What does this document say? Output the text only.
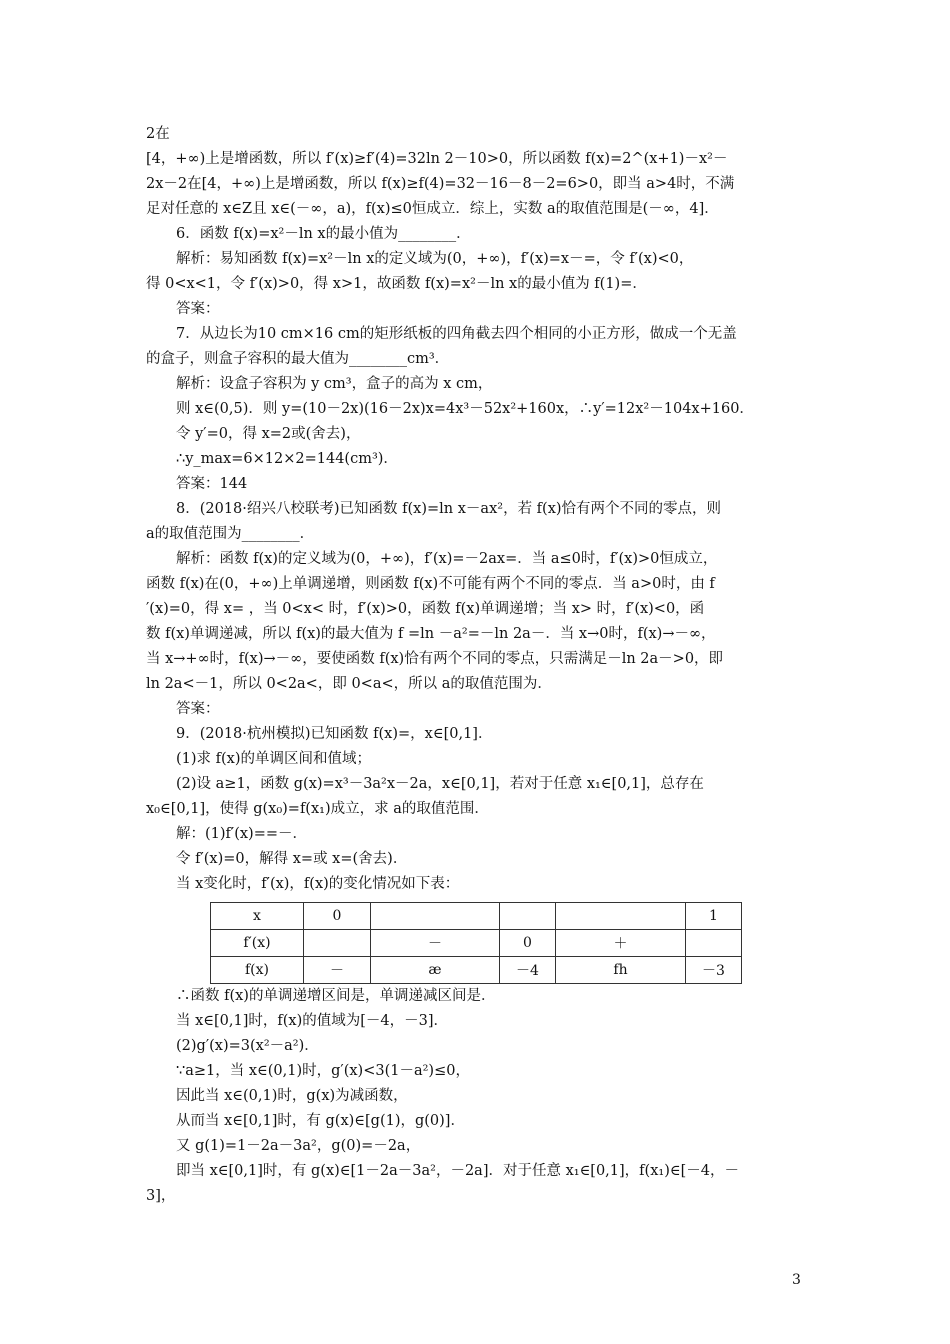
2在
[4，+∞)上是增函数，所以 f′(x)≥f′(4)=32ln 2－10>0，所以函数 f(x)=2^(x+1)－x²－
2x－2在[4，+∞)上是增函数，所以 f(x)≥f(4)=32－16－8－2=6>0，即当 a>4时，不满
足对任意的 x∈Z且 x∈(－∞，a)，f(x)≤0恒成立．综上，实数 a的取值范围是(－∞，4]．
6．函数 f(x)=x²－ln x的最小值为________．
解析：易知函数 f(x)=x²－ln x的定义域为(0，+∞)，f′(x)=x－=，令 f′(x)<0，
得 0<x<1，令 f′(x)>0，得 x>1，故函数 f(x)=x²－ln x的最小值为 f(1)=．
答案：
7．从边长为10 cm×16 cm的矩形纸板的四角截去四个相同的小正方形，做成一个无盖
的盒子，则盒子容积的最大值为________cm³．
解析：设盒子容积为 y cm³，盒子的高为 x cm，
则 x∈(0,5)．则 y=(10－2x)(16－2x)x=4x³－52x²+160x，∴y′=12x²－104x+160．
令 y′=0，得 x=2或(舍去)，
∴y_max=6×12×2=144(cm³)．
答案：144
8．(2018·绍兴八校联考)已知函数 f(x)=ln x－ax²，若 f(x)恰有两个不同的零点，则
a的取值范围为________．
解析：函数 f(x)的定义域为(0，+∞)，f′(x)=－2ax=．当 a≤0时，f′(x)>0恒成立，
函数 f(x)在(0，+∞)上单调递增，则函数 f(x)不可能有两个不同的零点．当 a>0时，由 f
′(x)=0，得 x= ，当 0<x< 时，f′(x)>0，函数 f(x)单调递增；当 x> 时，f′(x)<0，函
数 f(x)单调递减，所以 f(x)的最大值为 f =ln －a²=－ln 2a－．当 x→0时，f(x)→－∞，
当 x→+∞时，f(x)→－∞，要使函数 f(x)恰有两个不同的零点，只需满足－ln 2a－>0，即
ln 2a<－1，所以 0<2a<，即 0<a<，所以 a的取值范围为．
答案：
9．(2018·杭州模拟)已知函数 f(x)=，x∈[0,1]．
(1)求 f(x)的单调区间和值域；
(2)设 a≥1，函数 g(x)=x³－3a²x－2a，x∈[0,1]，若对于任意 x₁∈[0,1]，总存在
x₀∈[0,1]，使得 g(x₀)=f(x₁)成立，求 a的取值范围．
解：(1)f′(x)==－．
令 f′(x)=0，解得 x=或 x=(舍去)．
当 x变化时，f′(x)，f(x)的变化情况如下表：
x	0				1
f′(x)		－	0	＋	
f(x)	－	æ	－4	fh	－3
∴函数 f(x)的单调递增区间是，单调递减区间是．
当 x∈[0,1]时，f(x)的值域为[－4，－3]．
(2)g′(x)=3(x²－a²)．
∵a≥1，当 x∈(0,1)时，g′(x)<3(1－a²)≤0，
因此当 x∈(0,1)时，g(x)为减函数，
从而当 x∈[0,1]时，有 g(x)∈[g(1)，g(0)]．
又 g(1)=1－2a－3a²，g(0)=－2a，
即当 x∈[0,1]时，有 g(x)∈[1－2a－3a²，－2a]．对于任意 x₁∈[0,1]，f(x₁)∈[－4，－
3]，
3
